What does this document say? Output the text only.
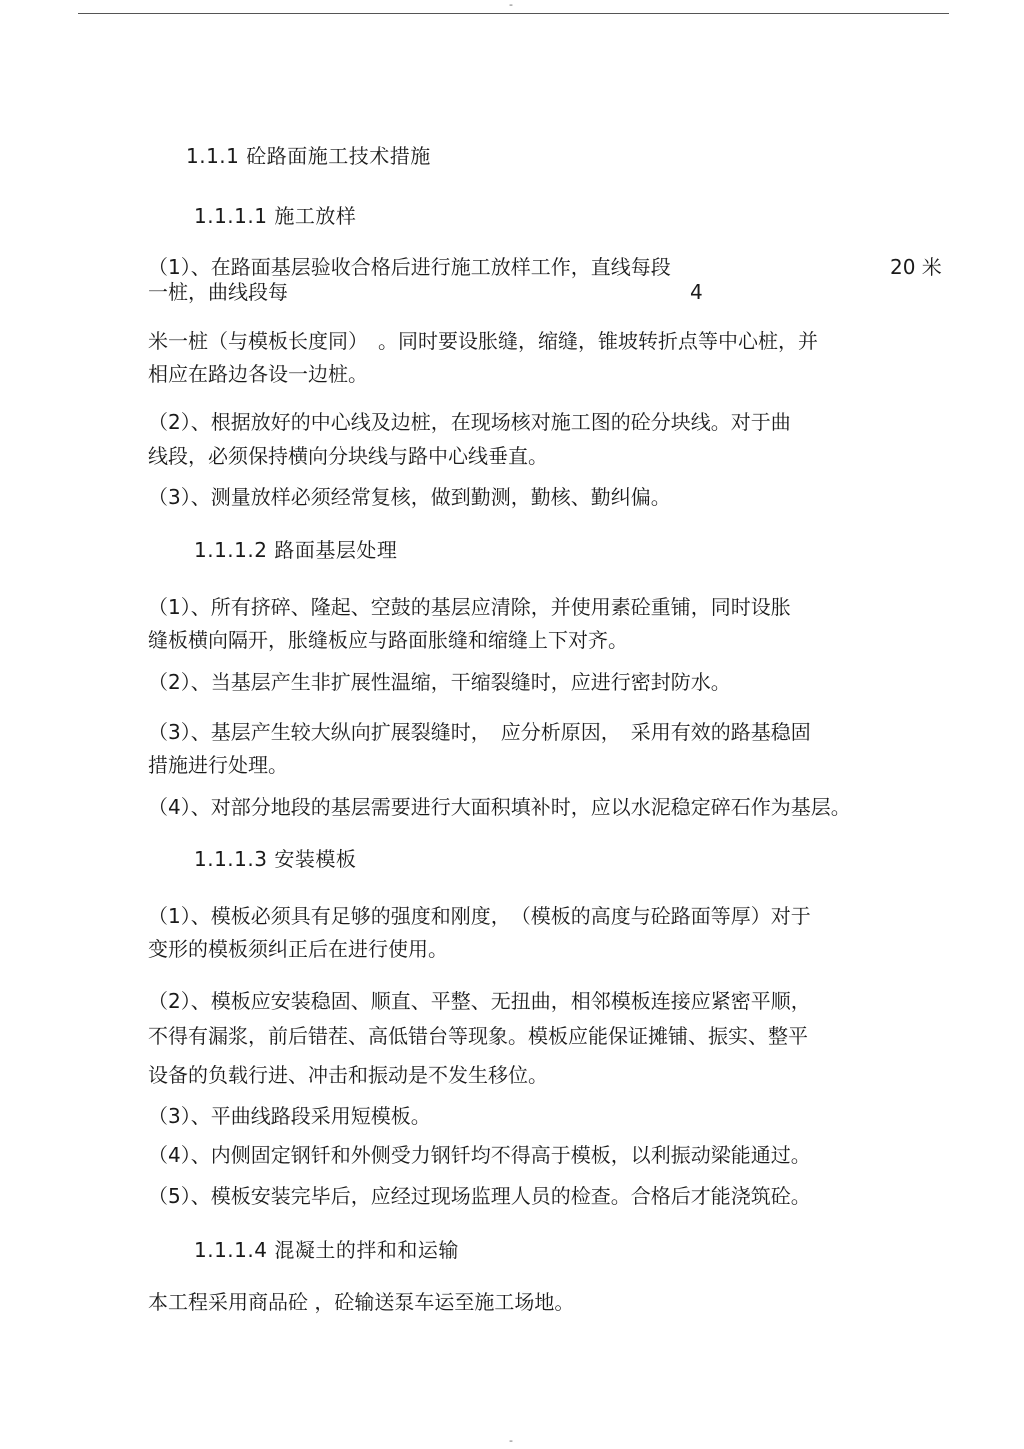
-
1.1.1 砼路面施工技术措施
1.1.1.1 施工放样
（1）、在路面基层验收合格后进行施工放样工作，直线每段	20 米
一桩，曲线段每	4
米一桩（与模板长度同）　。同时要设胀缝，缩缝，锥坡转折点等中心桩，并
相应在路边各设一边桩。
（2）、根据放好的中心线及边桩，在现场核对施工图的砼分块线。对于曲
线段，必须保持横向分块线与路中心线垂直。
（3）、测量放样必须经常复核，做到勤测，勤核、勤纠偏。
1.1.1.2 路面基层处理
（1）、所有挤碎、隆起、空鼓的基层应清除，并使用素砼重铺，同时设胀
缝板横向隔开，胀缝板应与路面胀缝和缩缝上下对齐。
（2）、当基层产生非扩展性温缩，干缩裂缝时，应进行密封防水。
（3）、基层产生较大纵向扩展裂缝时，　应分析原因，　采用有效的路基稳固
措施进行处理。
（4）、对部分地段的基层需要进行大面积填补时，应以水泥稳定碎石作为基层。
1.1.1.3 安装模板
（1）、模板必须具有足够的强度和刚度，　（模板的高度与砼路面等厚）对于
变形的模板须纠正后在进行使用。
（2）、模板应安装稳固、顺直、平整、无扭曲，相邻模板连接应紧密平顺，
不得有漏浆，前后错茬、高低错台等现象。模板应能保证摊铺、振实、整平
设备的负载行进、冲击和振动是不发生移位。
（3）、平曲线路段采用短模板。
（4）、内侧固定钢钎和外侧受力钢钎均不得高于模板，以利振动梁能通过。
（5）、模板安装完毕后，应经过现场监理人员的检查。合格后才能浇筑砼。
1.1.1.4 混凝土的拌和和运输
本工程采用商品砼 ，砼输送泵车运至施工场地。
-
